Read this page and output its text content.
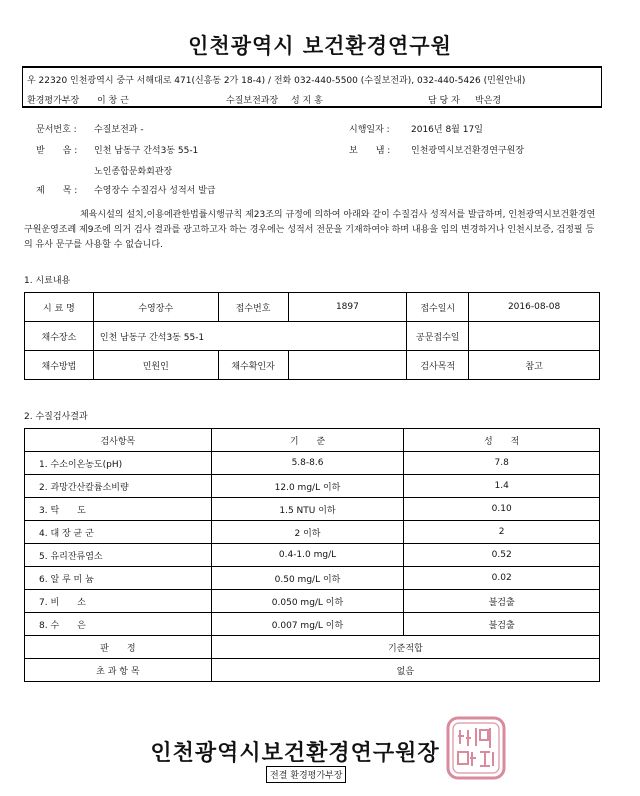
인천광역시 보건환경연구원
우 22320 인천광역시 중구 서해대로 471(신흥동 2가 18-4) / 전화 032-440-5500 (수질보전과), 032-440-5426 (민원안내)
환경평가부장 이 창 근	수질보전과장 성 지 홍	담 당 자 박은경
문서번호 : 수질보전과 -	시행일자 : 2016년 8월 17일
받　　음 : 인천 남동구 간석3동 55-1
노인종합문화회관장
보　　냄 : 인천광역시보건환경연구원장
제　　목 : 수영장수 수질검사 성적서 발급
체육시설의 설치,이용에관한법률시행규칙 제23조의 규정에 의하여 아래와 같이 수질검사 성적서를 발급하며, 인천광역시보건환경연구원운영조례 제9조에 의거 검사 결과를 광고하고자 하는 경우에는 성적서 전문을 기재하여야 하며 내용을 임의 변경하거나 인천시보증, 검정필 등의 유사 문구를 사용할 수 없습니다.
1. 시료내용
시 료 명	수영장수	접수번호	1897	접수일시	2016-08-08
채수장소	인천 남동구 간석3동 55-1			공문접수일	
채수방법	민원인	채수확인자		검사목적	참고
2. 수질검사결과
검사항목	기　　준	성　　적
1. 수소이온농도(pH)	5.8-8.6	7.8
2. 과망간산칼륨소비량	12.0 mg/L 이하	1.4
3. 탁　　도	1.5 NTU 이하	0.10
4. 대 장 균 군	2 이하	2
5. 유리잔류염소	0.4-1.0 mg/L	0.52
6. 알 루 미 늄	0.50 mg/L 이하	0.02
7. 비　　소	0.050 mg/L 이하	불검출
8. 수　　은	0.007 mg/L 이하	불검출
판　　정	기준적합	
초 과 항 목	없음	
인천광역시보건환경연구원장
전결 환경평가부장
